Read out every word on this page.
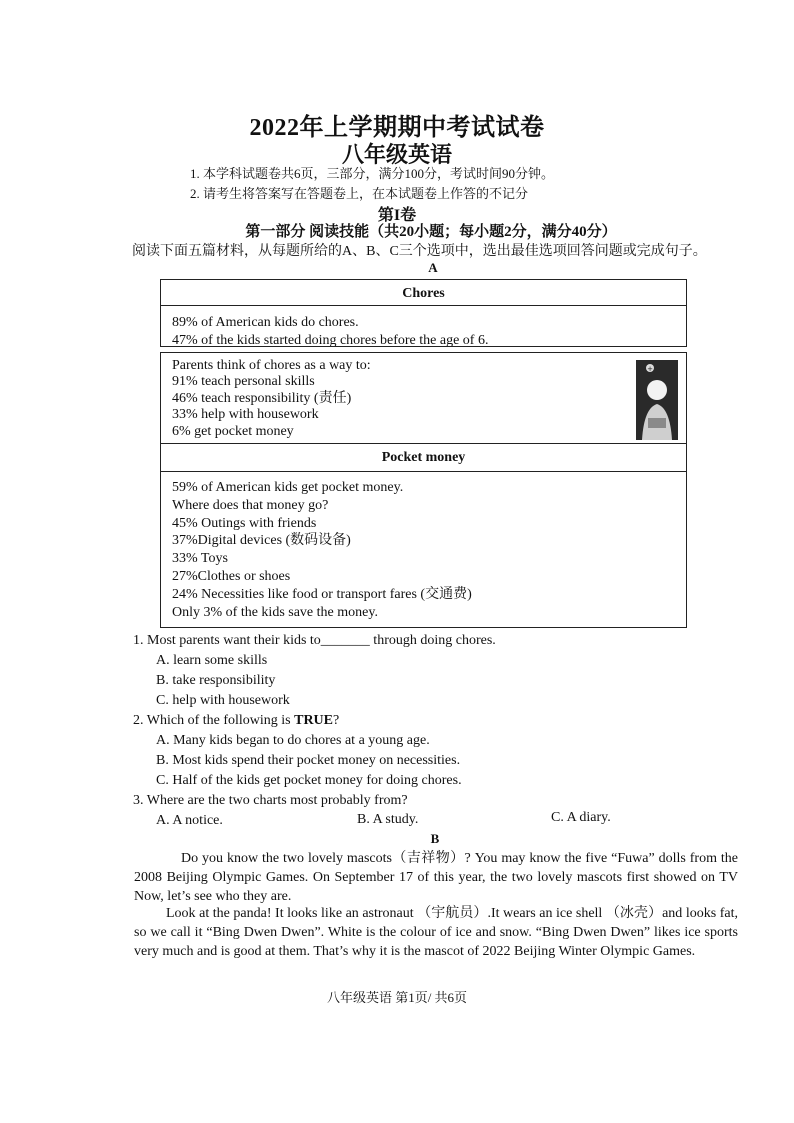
2022年上学期期中考试试卷
八年级英语
1. 本学科试题卷共6页，三部分，满分100分，考试时间90分钟。
2. 请考生将答案写在答题卷上，在本试题卷上作答的不记分
第I卷
第一部分 阅读技能（共20小题；每小题2分，满分40分）
阅读下面五篇材料，从每题所给的A、B、C三个选项中，选出最佳选项回答问题或完成句子。
A
Chores
89% of American kids do chores.
47% of the kids started doing chores before the age of 6.
Parents think of chores as a way to:
91% teach personal skills
46% teach responsibility (责任)
33% help with housework
6% get pocket money
+
Pocket money
59% of American kids get pocket money.
Where does that money go?
45% Outings with friends
37%Digital devices (数码设备)
33% Toys
27%Clothes or shoes
24% Necessities like food or transport fares (交通费)
Only 3% of the kids save the money.
1. Most parents want their kids to_______ through doing chores.
A. learn some skills
B. take responsibility
C. help with housework
2. Which of the following is TRUE?
A. Many kids began to do chores at a young age.
B. Most kids spend their pocket money on necessities.
C. Half of the kids get pocket money for doing chores.
3. Where are the two charts most probably from?
A. A notice.	B. A study.	C. A diary.
B
Do you know the two lovely mascots（吉祥物）? You may know the five “Fuwa” dolls from the 2008 Beijing Olympic Games. On September 17 of this year, the two lovely mascots first showed on TV Now, let’s see who they are.
Look at the panda! It looks like an astronaut （宇航员）.It wears an ice shell （冰壳）and looks fat, so we call it “Bing Dwen Dwen”. White is the colour of ice and snow. “Bing Dwen Dwen” likes ice sports very much and is good at them. That’s why it is the mascot of 2022 Beijing Winter Olympic Games.
八年级英语 第1页/ 共6页
